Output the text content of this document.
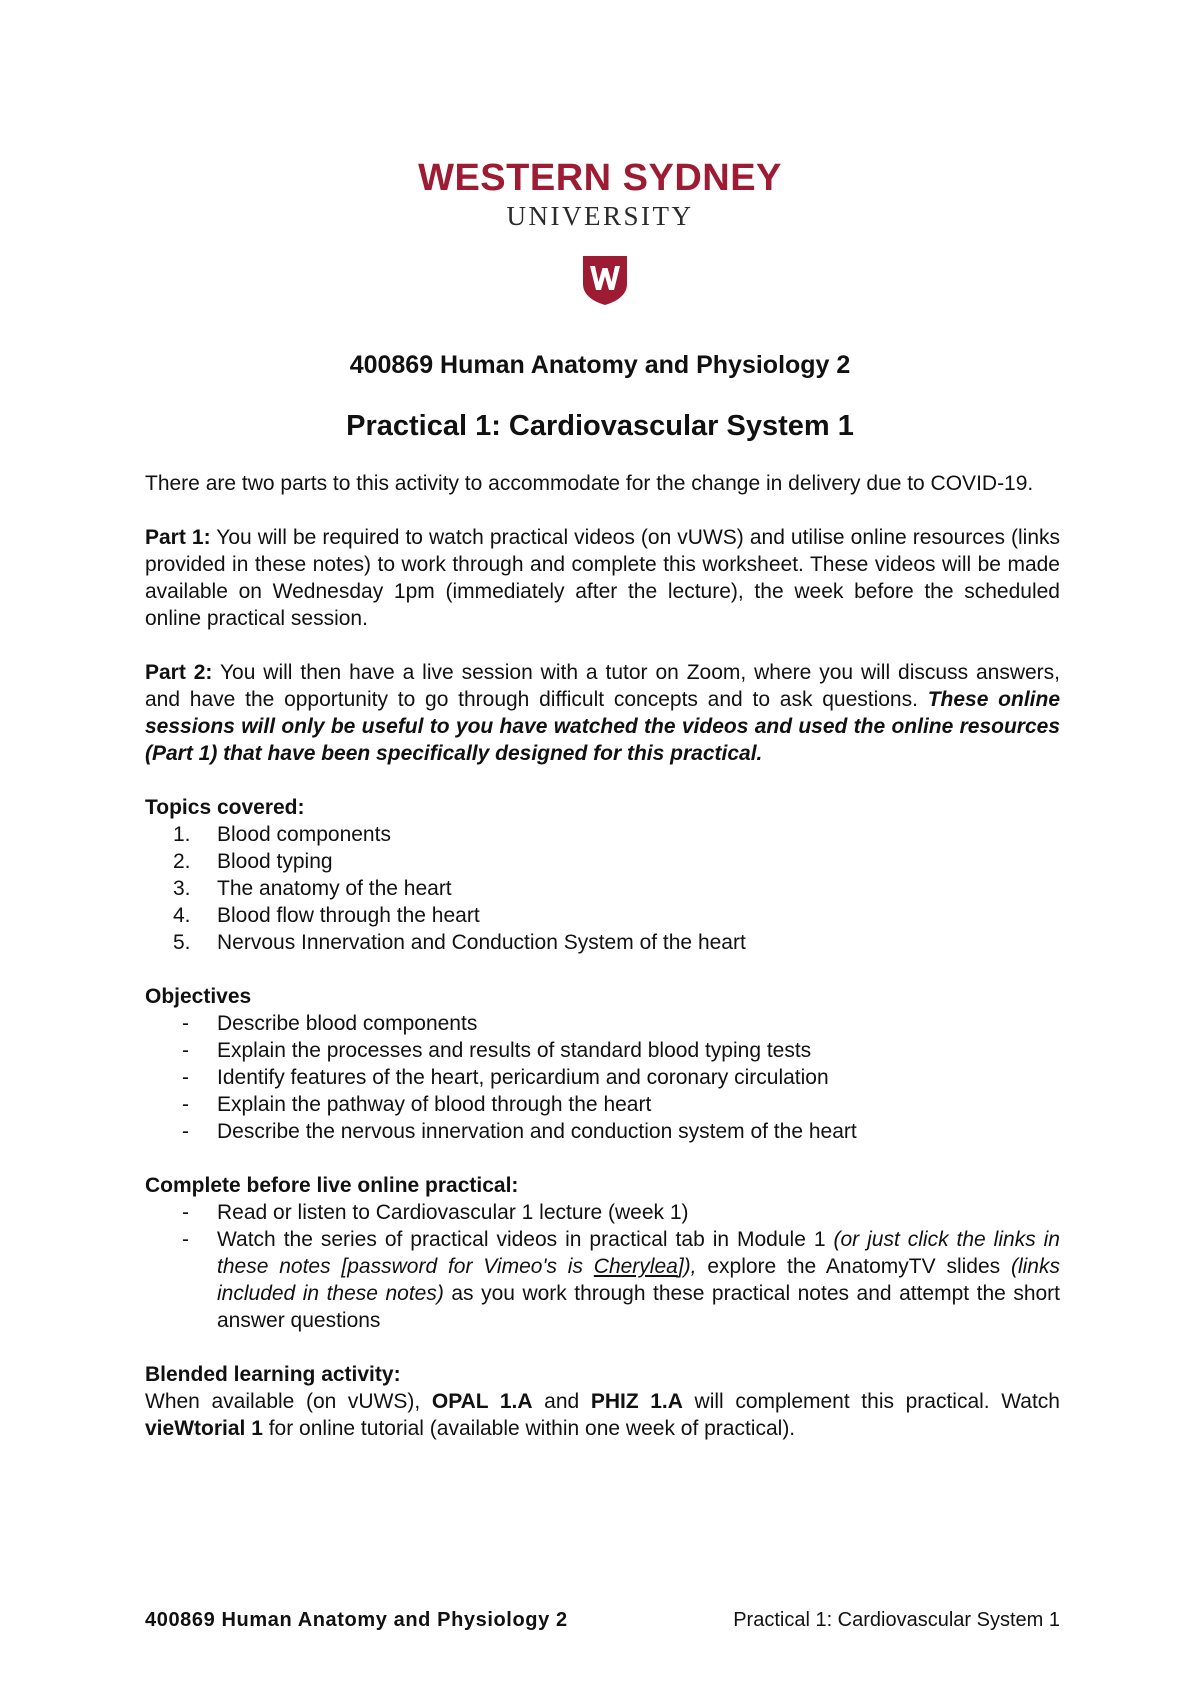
WESTERN SYDNEY
UNIVERSITY
400869 Human Anatomy and Physiology 2
Practical 1: Cardiovascular System 1

There are two parts to this activity to accommodate for the change in delivery due to COVID-19.

Part 1: You will be required to watch practical videos (on vUWS) and utilise online resources (links provided in these notes) to work through and complete this worksheet. These videos will be made available on Wednesday 1pm (immediately after the lecture), the week before the scheduled online practical session.

Part 2: You will then have a live session with a tutor on Zoom, where you will discuss answers, and have the opportunity to go through difficult concepts and to ask questions. These online sessions will only be useful to you have watched the videos and used the online resources (Part 1) that have been specifically designed for this practical.

Topics covered:

1. Blood components
2. Blood typing
3. The anatomy of the heart
4. Blood flow through the heart
5. Nervous Innervation and Conduction System of the heart

Objectives

- Describe blood components
- Explain the processes and results of standard blood typing tests
- Identify features of the heart, pericardium and coronary circulation
- Explain the pathway of blood through the heart
- Describe the nervous innervation and conduction system of the heart

Complete before live online practical:

- Read or listen to Cardiovascular 1 lecture (week 1)
- Watch the series of practical videos in practical tab in Module 1 (or just click the links in these notes [password for Vimeo's is Cherylea]), explore the AnatomyTV slides (links included in these notes) as you work through these practical notes and attempt the short answer questions

Blended learning activity:

When available (on vUWS), OPAL 1.A and PHIZ 1.A will complement this practical. Watch vieWtorial 1 for online tutorial (available within one week of practical).

400869 Human Anatomy and Physiology 2	Practical 1: Cardiovascular System 1
